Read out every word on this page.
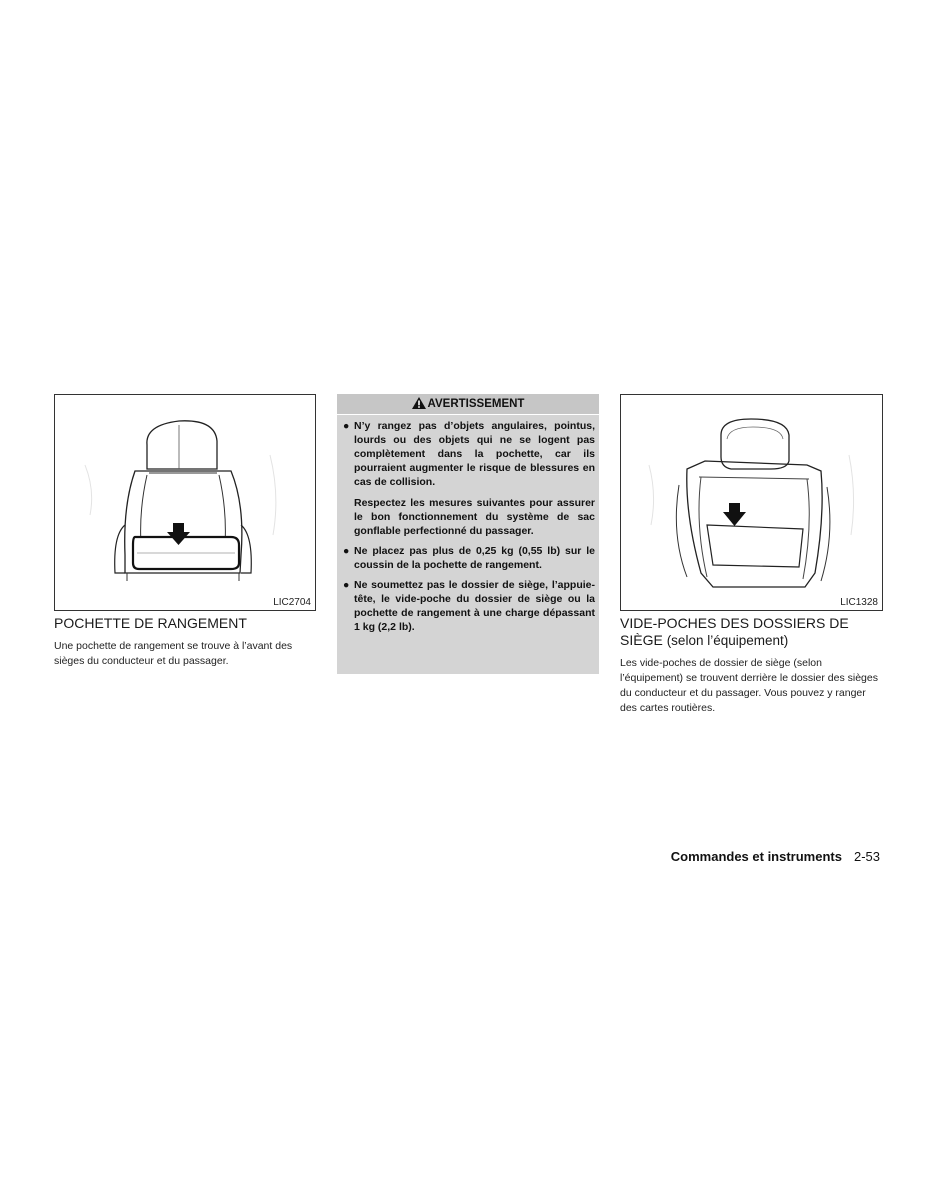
LIC2704
POCHETTE DE RANGEMENT

Une pochette de rangement se trouve à l’avant des sièges du conducteur et du passager.

AVERTISSEMENT
● N’y rangez pas d’objets angulaires, pointus, lourds ou des objets qui ne se logent pas complètement dans la pochette, car ils pourraient augmenter le risque de blessures en cas de collision.

Respectez les mesures suivantes pour assurer le bon fonctionnement du système de sac gonflable perfectionné du passager.

● Ne placez pas plus de 0,25 kg (0,55 lb) sur le coussin de la pochette de rangement.

● Ne soumettez pas le dossier de siège, l’appuie-tête, le vide-poche du dossier de siège ou la pochette de rangement à une charge dépassant 1 kg (2,2 lb).

LIC1328
VIDE-POCHES DES DOSSIERS DE SIÈGE (selon l’équipement)

Les vide-poches de dossier de siège (selon l’équipement) se trouvent derrière le dossier des sièges du conducteur et du passager. Vous pouvez y ranger des cartes routières.

Commandes et instruments 2-53
